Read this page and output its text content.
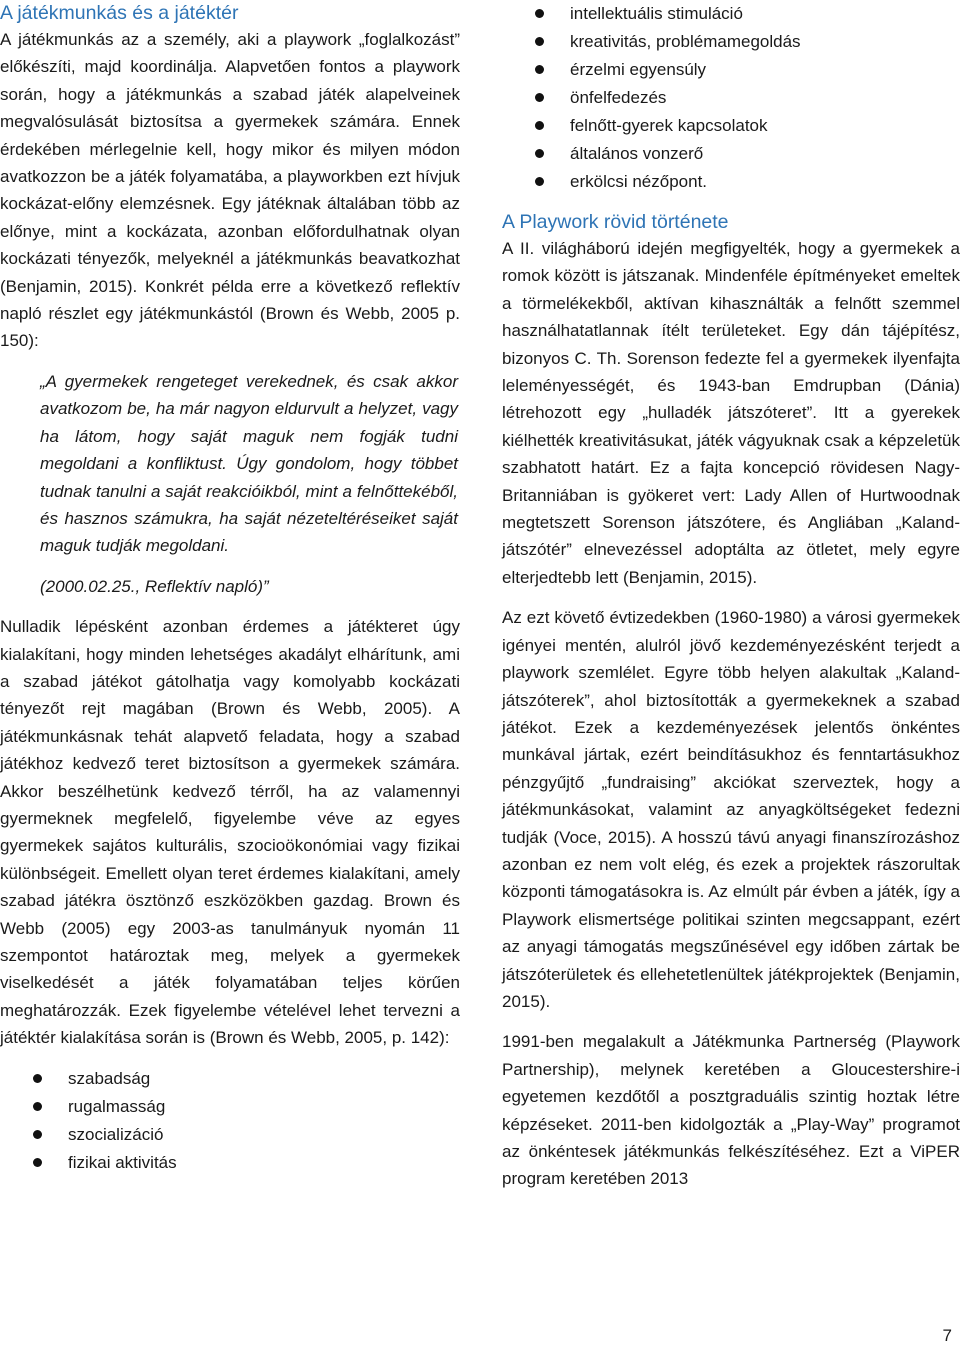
A játékmunkás és a játéktér

A játékmunkás az a személy, aki a playwork „foglalkozást” előkészíti, majd koordinálja. Alapvetően fontos a playwork során, hogy a játékmunkás a szabad játék alapelveinek megvalósulását biztosítsa a gyermekek számára. Ennek érdekében mérlegelnie kell, hogy mikor és milyen módon avatkozzon be a játék folyamatába, a playworkben ezt hívjuk kockázat-előny elemzésnek. Egy játéknak általában több az előnye, mint a kockázata, azonban előfordulhatnak olyan kockázati tényezők, melyeknél a játékmunkás beavatkozhat (Benjamin, 2015). Konkrét példa erre a következő reflektív napló részlet egy játékmunkástól (Brown és Webb, 2005 p. 150):

„A gyermekek rengeteget verekednek, és csak akkor avatkozom be, ha már nagyon eldurvult a helyzet, vagy ha látom, hogy saját maguk nem fogják tudni megoldani a konfliktust. Úgy gondolom, hogy többet tudnak tanulni a saját reakcióikból, mint a felnőttekéből, és hasznos számukra, ha saját nézeteltéréseiket saját maguk tudják megoldani.

(2000.02.25., Reflektív napló)”

Nulladik lépésként azonban érdemes a játékteret úgy kialakítani, hogy minden lehetséges akadályt elhárítunk, ami a szabad játékot gátolhatja vagy komolyabb kockázati tényezőt rejt magában (Brown és Webb, 2005). A játékmunkásnak tehát alapvető feladata, hogy a szabad játékhoz kedvező teret biztosítson a gyermekek számára. Akkor beszélhetünk kedvező térről, ha az valamennyi gyermeknek megfelelő, figyelembe véve az egyes gyermekek sajátos kulturális, szocioökonómiai vagy fizikai különbségeit. Emellett olyan teret érdemes kialakítani, amely szabad játékra ösztönző eszközökben gazdag. Brown és Webb (2005) egy 2003-as tanulmányuk nyomán 11 szempontot határoztak meg, melyek a gyermekek viselkedését a játék folyamatában teljes körűen meghatározzák. Ezek figyelembe vételével lehet tervezni a játéktér kialakítása során is (Brown és Webb, 2005, p. 142):

szabadság
rugalmasság
szocializáció
fizikai aktivitás
intellektuális stimuláció
kreativitás, problémamegoldás
érzelmi egyensúly
önfelfedezés
felnőtt-gyerek kapcsolatok
általános vonzerő
erkölcsi nézőpont.
A Playwork rövid története

A II. világháború idején megfigyelték, hogy a gyermekek a romok között is játszanak. Mindenféle építményeket emeltek a törmelékekből, aktívan kihasználták a felnőtt szemmel használhatatlannak ítélt területeket. Egy dán tájépítész, bizonyos C. Th. Sorenson fedezte fel a gyermekek ilyenfajta leleményességét, és 1943-ban Emdrupban (Dánia) létrehozott egy „hulladék játszóteret”. Itt a gyerekek kiélhették kreativitásukat, játék vágyuknak csak a képzeletük szabhatott határt. Ez a fajta koncepció rövidesen Nagy-Britanniában is gyökeret vert: Lady Allen of Hurtwoodnak megtetszett Sorenson játszótere, és Angliában „Kaland-játszótér” elnevezéssel adoptálta az ötletet, mely egyre elterjedtebb lett (Benjamin, 2015).

Az ezt követő évtizedekben (1960-1980) a városi gyermekek igényei mentén, alulról jövő kezdeményezésként terjedt a playwork szemlélet. Egyre több helyen alakultak „Kaland-játszóterek”, ahol biztosították a gyermekeknek a szabad játékot. Ezek a kezdeményezések jelentős önkéntes munkával jártak, ezért beindításukhoz és fenntartásukhoz pénzgyűjtő „fundraising” akciókat szerveztek, hogy a játékmunkásokat, valamint az anyagköltségeket fedezni tudják (Voce, 2015). A hosszú távú anyagi finanszírozáshoz azonban ez nem volt elég, és ezek a projektek rászorultak központi támogatásokra is. Az elmúlt pár évben a játék, így a Playwork elismertsége politikai szinten megcsappant, ezért az anyagi támogatás megszűnésével egy időben zártak be játszóterületek és ellehetetlenültek játékprojektek (Benjamin, 2015).

1991-ben megalakult a Játékmunka Partnerség (Playwork Partnership), melynek keretében a Gloucestershire-i egyetemen kezdőtől a posztgraduális szintig hoztak létre képzéseket. 2011-ben kidolgozták a „Play-Way” programot az önkéntesek játékmunkás felkészítéséhez. Ezt a ViPER program keretében 2013

7
